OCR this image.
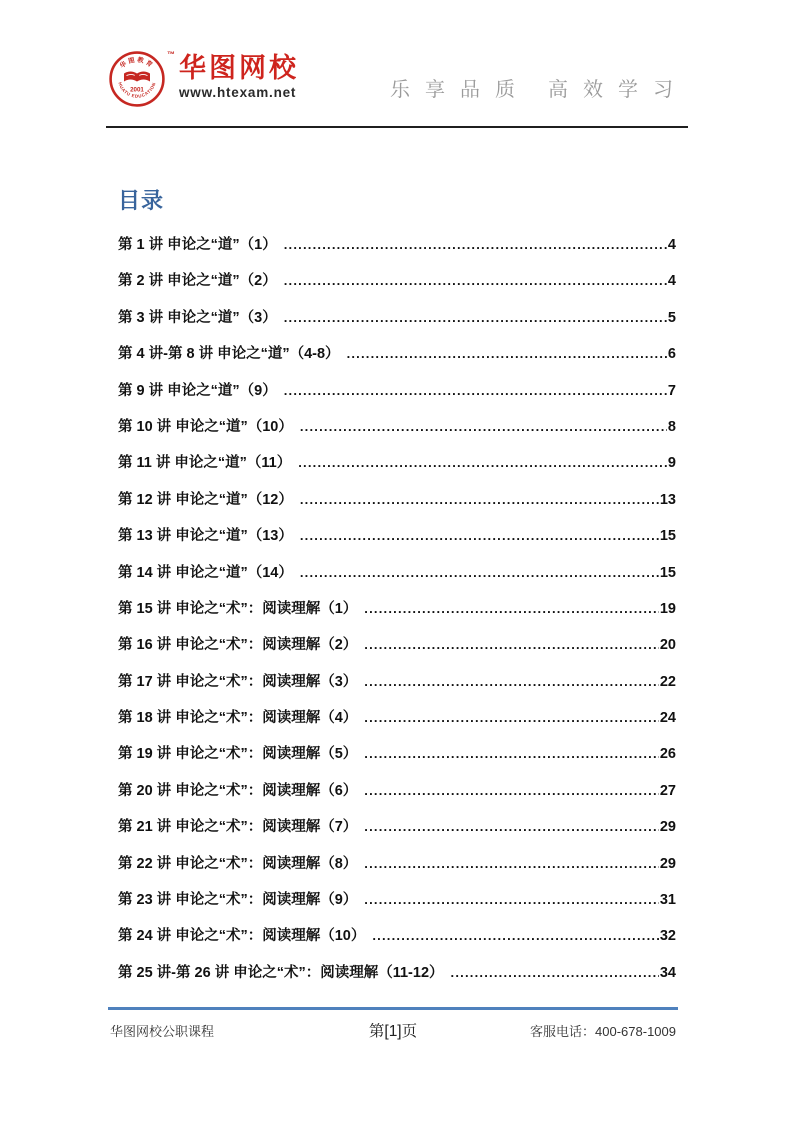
华图教育
HUATU EDUCATION
2001
™ 华图网校
www.htexam.net	乐享品质 高效学习
目录
第 1 讲 申论之“道”（1） .....	4
第 2 讲 申论之“道”（2） .....	4
第 3 讲 申论之“道”（3） .....	5
第 4 讲-第 8 讲 申论之“道”（4-8） .....	6
第 9 讲 申论之“道”（9） .....	7
第 10 讲 申论之“道”（10） .....	8
第 11 讲 申论之“道”（11） .....	9
第 12 讲 申论之“道”（12） .....	13
第 13 讲 申论之“道”（13） .....	15
第 14 讲 申论之“道”（14） .....	15
第 15 讲 申论之“术”：阅读理解（1） .....	19
第 16 讲 申论之“术”：阅读理解（2） .....	20
第 17 讲 申论之“术”：阅读理解（3） .....	22
第 18 讲 申论之“术”：阅读理解（4） .....	24
第 19 讲 申论之“术”：阅读理解（5） .....	26
第 20 讲 申论之“术”：阅读理解（6） .....	27
第 21 讲 申论之“术”：阅读理解（7） .....	29
第 22 讲 申论之“术”：阅读理解（8） .....	29
第 23 讲 申论之“术”：阅读理解（9） .....	31
第 24 讲 申论之“术”：阅读理解（10） .....	32
第 25 讲-第 26 讲 申论之“术”：阅读理解（11-12） .....	34
华图网校公职课程	第[1]页	客服电话：400-678-1009
